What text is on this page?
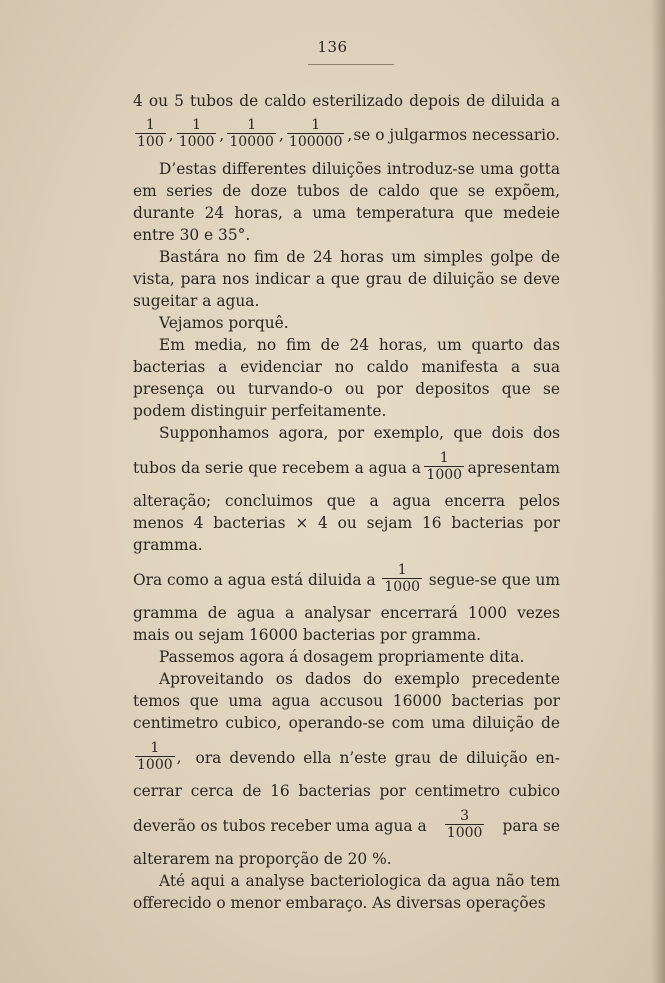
136

4 ou 5 tubos de caldo esterilizado depois de diluida a

$\frac{1}{100}$ , $\frac{1}{1000}$ , $\frac{1}{10000}$ , $\frac{1}{100000}$ , se o julgarmos necessario.

D’estas differentes diluições introduz-se uma gotta em series de doze tubos de caldo que se expõem, durante 24 horas, a uma temperatura que medeie entre 30 e 35°.

Bastára no fim de 24 horas um simples golpe de vista, para nos indicar a que grau de diluição se deve sugeitar a agua.

Vejamos porquê.

Em media, no fim de 24 horas, um quarto das bacterias a evidenciar no caldo manifesta a sua presença ou turvando-o ou por depositos que se podem distinguir perfeitamente.

Supponhamos agora, por exemplo, que dois dos

tubos da serie que recebem a agua a $\frac{1}{1000}$ apresentam

alteração; concluimos que a agua encerra pelos menos 4 bacterias × 4 ou sejam 16 bacterias por gramma.

Ora como a agua está diluida a $\frac{1}{1000}$ segue-se que um

gramma de agua a analysar encerrará 1000 vezes mais ou sejam 16000 bacterias por gramma.

Passemos agora á dosagem propriamente dita.

Aproveitando os dados do exemplo precedente temos que uma agua accusou 16000 bacterias por centimetro cubico, operando-se com uma diluição de

$\frac{1}{1000}$ , ora devendo ella n’este grau de diluição en-

cerrar cerca de 16 bacterias por centimetro cubico

deverão os tubos receber uma agua a $\frac{3}{1000}$ para se

alterarem na proporção de 20 %.

Até aqui a analyse bacteriologica da agua não tem offerecido o menor embaraço. As diversas operações
